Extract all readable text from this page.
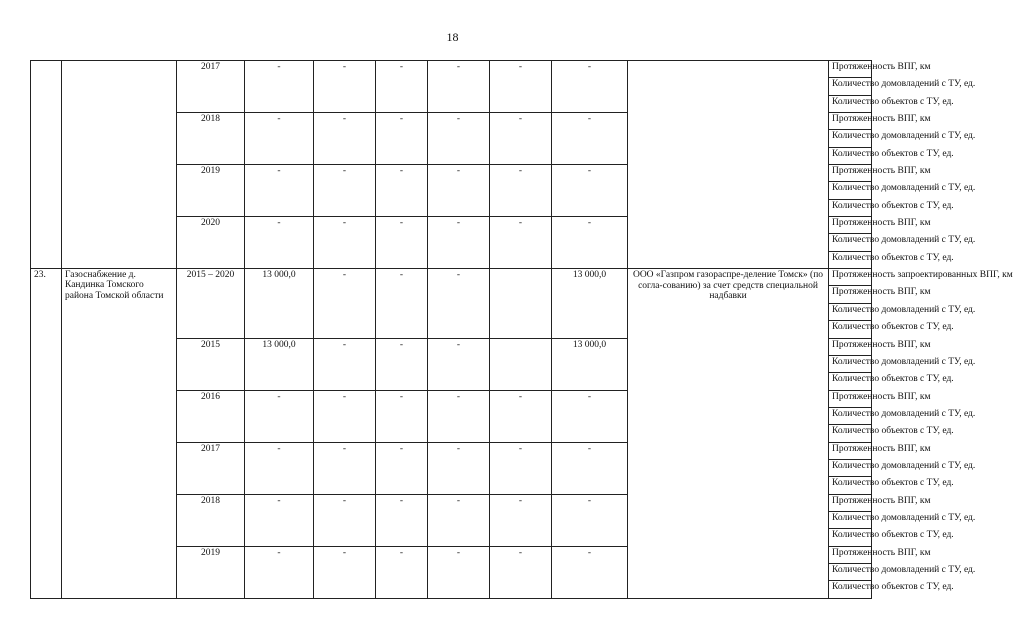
18
		2017	-	-	-	-	-	-		Протяженность ВПГ, км	
										Количество домовладений с ТУ, ед.	
										Количество объектов с ТУ, ед.	
		2018	-	-	-	-	-	-		Протяженность ВПГ, км	
										Количество домовладений с ТУ, ед.	
										Количество объектов с ТУ, ед.	
		2019	-	-	-	-	-	-		Протяженность ВПГ, км	
										Количество домовладений с ТУ, ед.	
										Количество объектов с ТУ, ед.	
		2020	-	-	-	-	-	-		Протяженность ВПГ, км	
										Количество домовладений с ТУ, ед.	
										Количество объектов с ТУ, ед.	
23.	Газоснабжение д. Кандинка Томского района Томской области	2015 – 2020	13 000,0	-	-	-		13 000,0	ООО «Газпром газораспре-деление Томск» (по согла-сованию) за счет средств специальной надбавки	Протяженность запроектированных ВПГ, км	
										Протяженность ВПГ, км	
										Количество домовладений с ТУ, ед.	
										Количество объектов с ТУ, ед.	
		2015	13 000,0	-	-	-		13 000,0		Протяженность ВПГ, км	
										Количество домовладений с ТУ, ед.	
										Количество объектов с ТУ, ед.	
		2016	-	-	-	-	-	-		Протяженность ВПГ, км	
										Количество домовладений с ТУ, ед.	
										Количество объектов с ТУ, ед.	
		2017	-	-	-	-	-	-		Протяженность ВПГ, км	
										Количество домовладений с ТУ, ед.	
										Количество объектов с ТУ, ед.	
		2018	-	-	-	-	-	-		Протяженность ВПГ, км	
										Количество домовладений с ТУ, ед.	
										Количество объектов с ТУ, ед.	
		2019	-	-	-	-	-	-		Протяженность ВПГ, км	
										Количество домовладений с ТУ, ед.	
										Количество объектов с ТУ, ед.	
